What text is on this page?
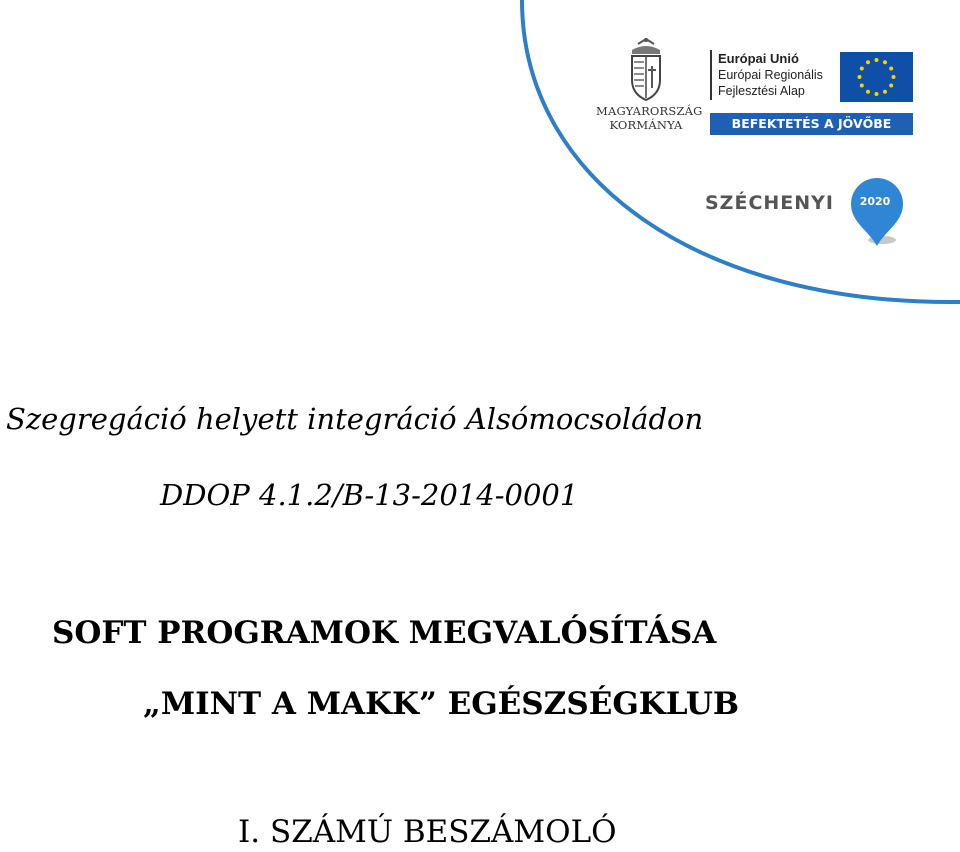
MAGYARORSZÁG
KORMÁNYA
Európai Unió
Európai Regionális
Fejlesztési Alap
BEFEKTETÉS A JÖVŐBE
SZÉCHENYI	2020
Szegregáció helyett integráció Alsómocsoládon
DDOP 4.1.2/B-13-2014-0001
SOFT PROGRAMOK MEGVALÓSÍTÁSA
„MINT A MAKK” EGÉSZSÉGKLUB
I. SZÁMÚ BESZÁMOLÓ
